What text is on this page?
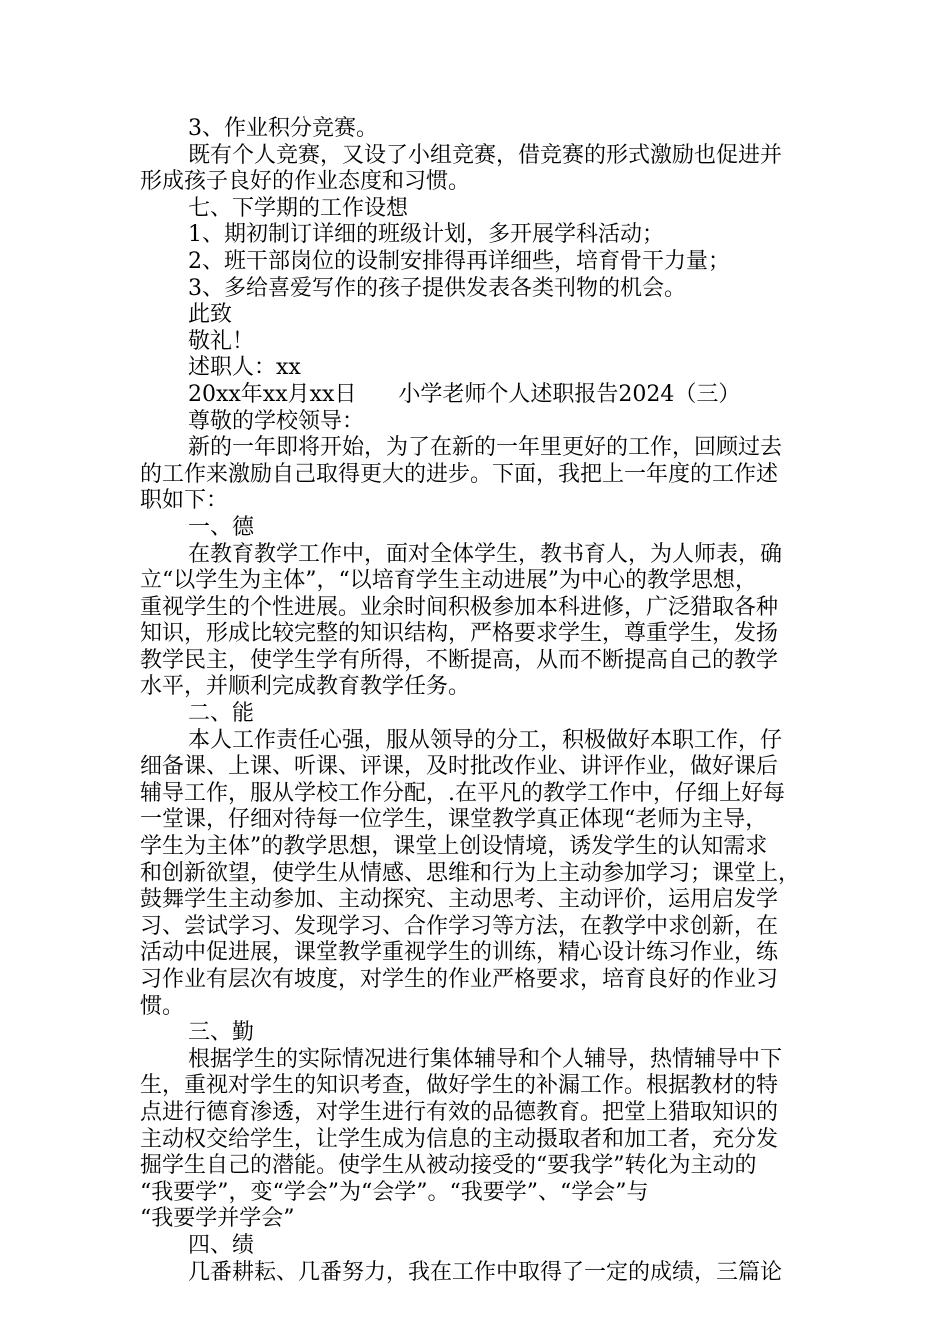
3、作业积分竞赛。
既有个人竞赛，又设了小组竞赛，借竞赛的形式激励也促进并
形成孩子良好的作业态度和习惯。
七、下学期的工作设想
1、期初制订详细的班级计划，多开展学科活动；
2、班干部岗位的设制安排得再详细些，培育骨干力量；
3、多给喜爱写作的孩子提供发表各类刊物的机会。
此致
敬礼！
述职人：xx
20xx年xx月xx日      小学老师个人述职报告2024（三）
尊敬的学校领导：
新的一年即将开始，为了在新的一年里更好的工作，回顾过去
的工作来激励自己取得更大的进步。下面，我把上一年度的工作述
职如下：
一、德
在教育教学工作中，面对全体学生，教书育人，为人师表，确
立“以学生为主体”，“以培育学生主动进展”为中心的教学思想，
重视学生的个性进展。业余时间积极参加本科进修，广泛猎取各种
知识，形成比较完整的知识结构，严格要求学生，尊重学生，发扬
教学民主，使学生学有所得，不断提高，从而不断提高自己的教学
水平，并顺利完成教育教学任务。
二、能
本人工作责任心强，服从领导的分工，积极做好本职工作，仔
细备课、上课、听课、评课，及时批改作业、讲评作业，做好课后
辅导工作，服从学校工作分配，.在平凡的教学工作中，仔细上好每
一堂课，仔细对待每一位学生，课堂教学真正体现“老师为主导，
学生为主体”的教学思想，课堂上创设情境，诱发学生的认知需求
和创新欲望，使学生从情感、思维和行为上主动参加学习；课堂上，
鼓舞学生主动参加、主动探究、主动思考、主动评价，运用启发学
习、尝试学习、发现学习、合作学习等方法，在教学中求创新，在
活动中促进展，课堂教学重视学生的训练，精心设计练习作业，练
习作业有层次有坡度，对学生的作业严格要求，培育良好的作业习
惯。
三、勤
根据学生的实际情况进行集体辅导和个人辅导，热情辅导中下
生，重视对学生的知识考查，做好学生的补漏工作。根据教材的特
点进行德育渗透，对学生进行有效的品德教育。把堂上猎取知识的
主动权交给学生，让学生成为信息的主动摄取者和加工者，充分发
掘学生自己的潜能。使学生从被动接受的“要我学”转化为主动的
“我要学”，变“学会”为“会学”。“我要学”、“学会”与
“我要学并学会”
四、绩
几番耕耘、几番努力，我在工作中取得了一定的成绩，三篇论
